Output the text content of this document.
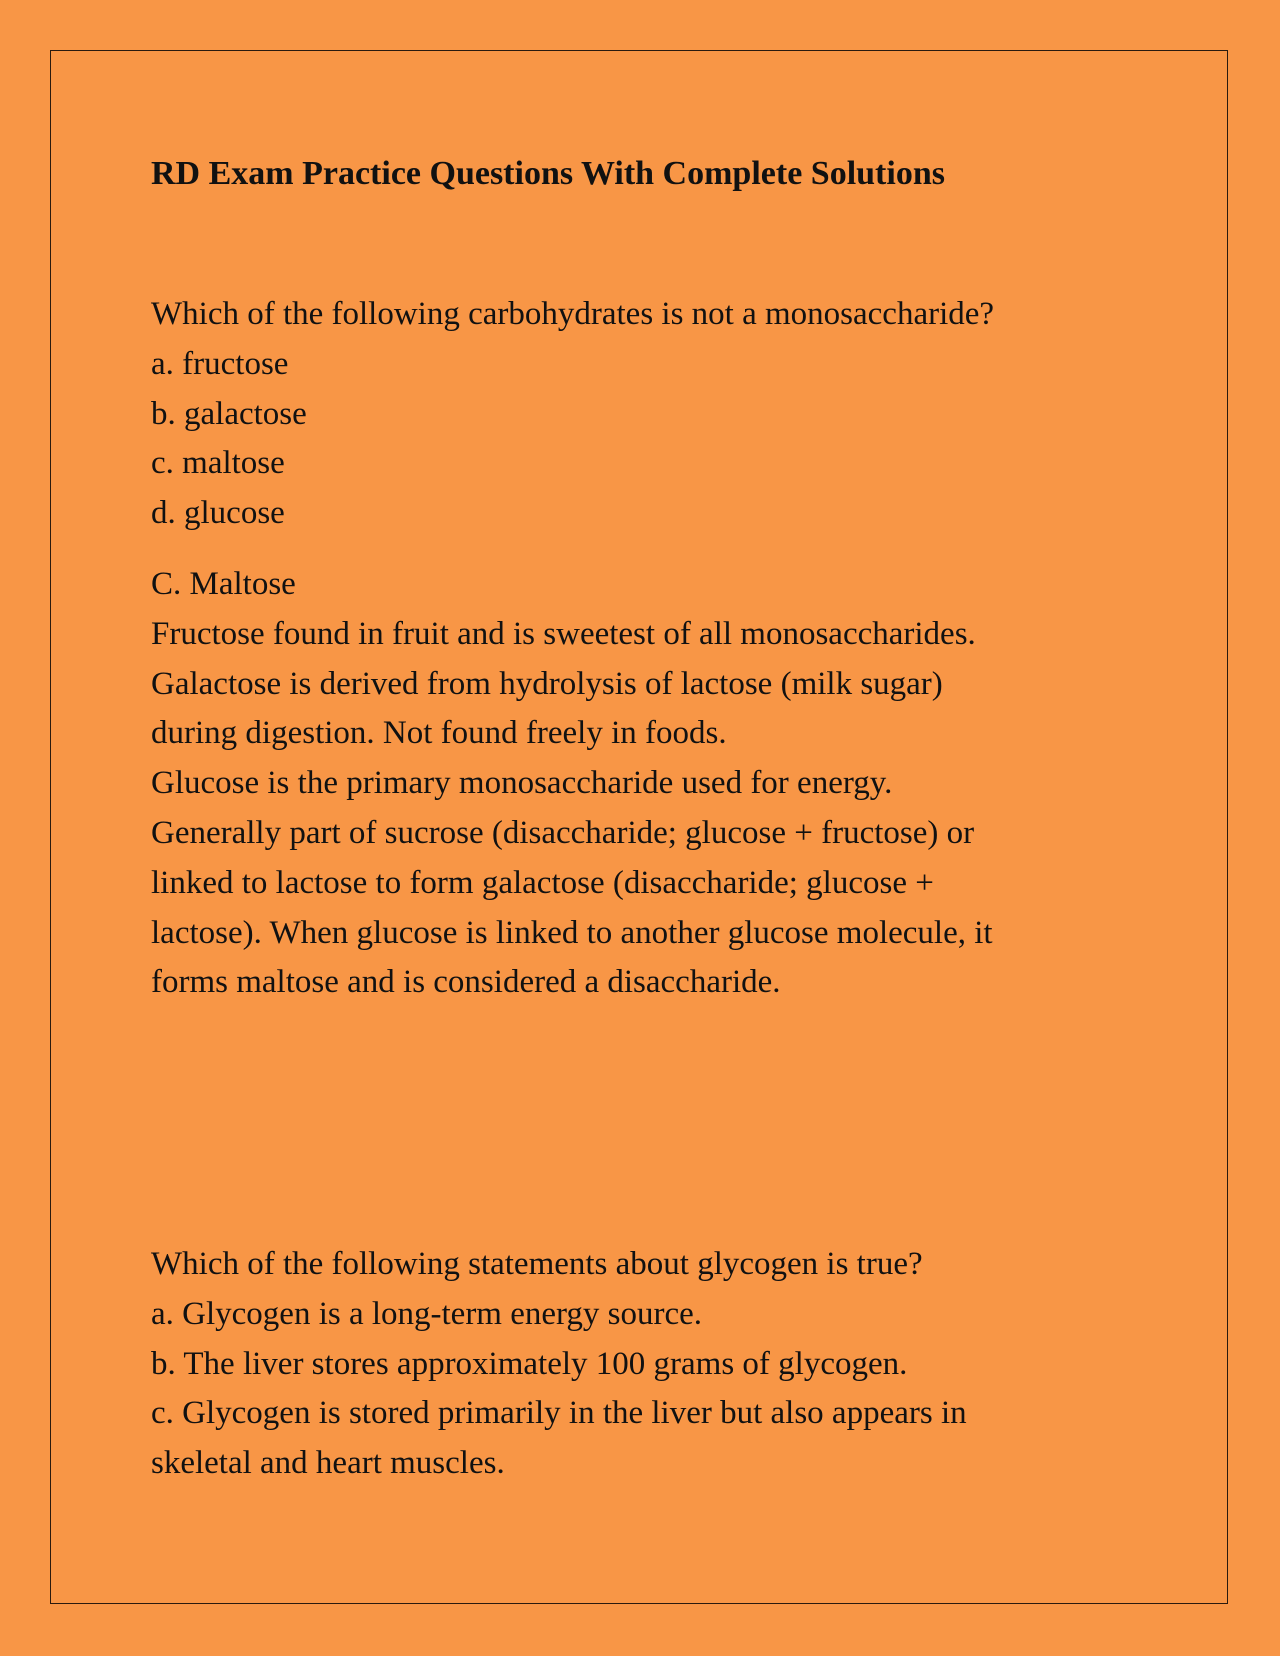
RD Exam Practice Questions With Complete Solutions
Which of the following carbohydrates is not a monosaccharide?
a. fructose
b. galactose
c. maltose
d. glucose
C. Maltose
Fructose found in fruit and is sweetest of all monosaccharides.
Galactose is derived from hydrolysis of lactose (milk sugar)
during digestion. Not found freely in foods.
Glucose is the primary monosaccharide used for energy.
Generally part of sucrose (disaccharide; glucose + fructose) or
linked to lactose to form galactose (disaccharide; glucose +
lactose). When glucose is linked to another glucose molecule, it
forms maltose and is considered a disaccharide.
Which of the following statements about glycogen is true?
a. Glycogen is a long-term energy source.
b. The liver stores approximately 100 grams of glycogen.
c. Glycogen is stored primarily in the liver but also appears in
skeletal and heart muscles.
